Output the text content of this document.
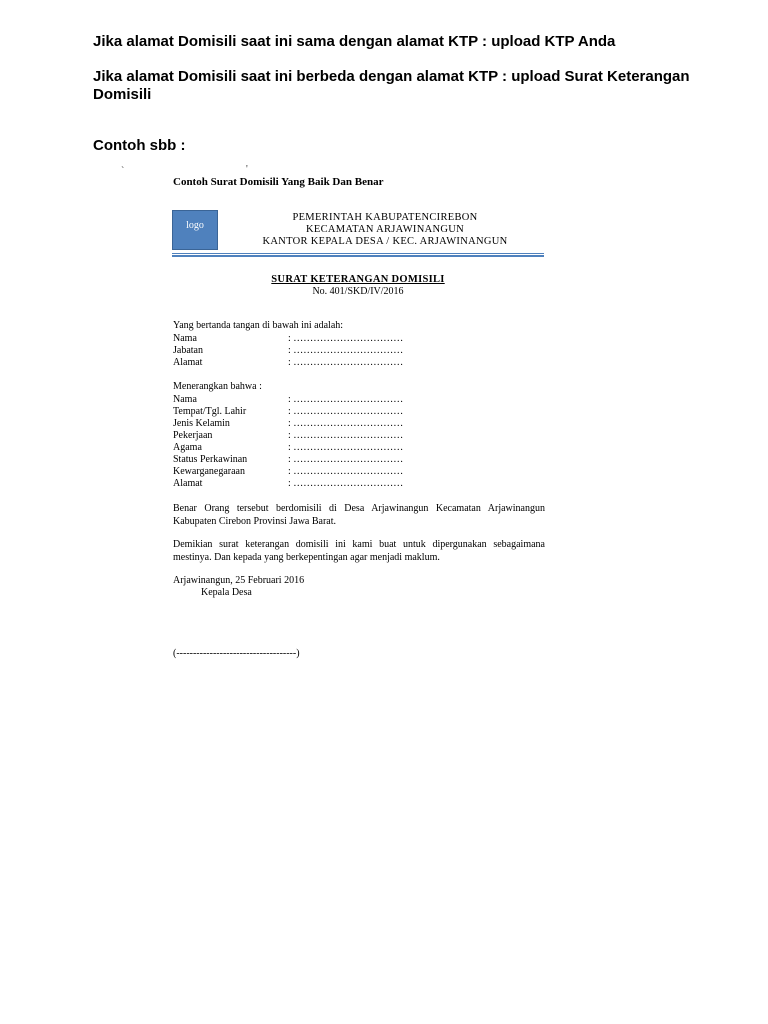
Jika alamat Domisili saat ini sama dengan alamat KTP : upload KTP Anda

Jika alamat Domisili saat ini berbeda dengan alamat KTP : upload Surat Keterangan Domisili

Contoh sbb :

`	'
Contoh Surat Domisili Yang Baik Dan Benar
logo
PEMERINTAH KABUPATENCIREBON
KECAMATAN ARJAWINANGUN
KANTOR KEPALA DESA / KEC. ARJAWINANGUN
SURAT KETERANGAN DOMISILI
No. 401/SKD/IV/2016
Yang bertanda tangan di bawah ini adalah:
Nama	: ……………………………
Jabatan	: ……………………………
Alamat	: ……………………………
Menerangkan bahwa :
Nama	: ……………………………
Tempat/Tgl. Lahir	: ……………………………
Jenis Kelamin	: ……………………………
Pekerjaan	: ……………………………
Agama	: ……………………………
Status Perkawinan	: ……………………………
Kewarganegaraan	: ……………………………
Alamat	: ……………………………

Benar Orang tersebut berdomisili di Desa Arjawinangun Kecamatan Arjawinangun Kabupaten Cirebon Provinsi Jawa Barat.

Demikian surat keterangan domisili ini kami buat untuk dipergunakan sebagaimana mestinya. Dan kepada yang berkepentingan agar menjadi maklum.

Arjawinangun, 25 Februari 2016
Kepala Desa
(------------------------------------)
